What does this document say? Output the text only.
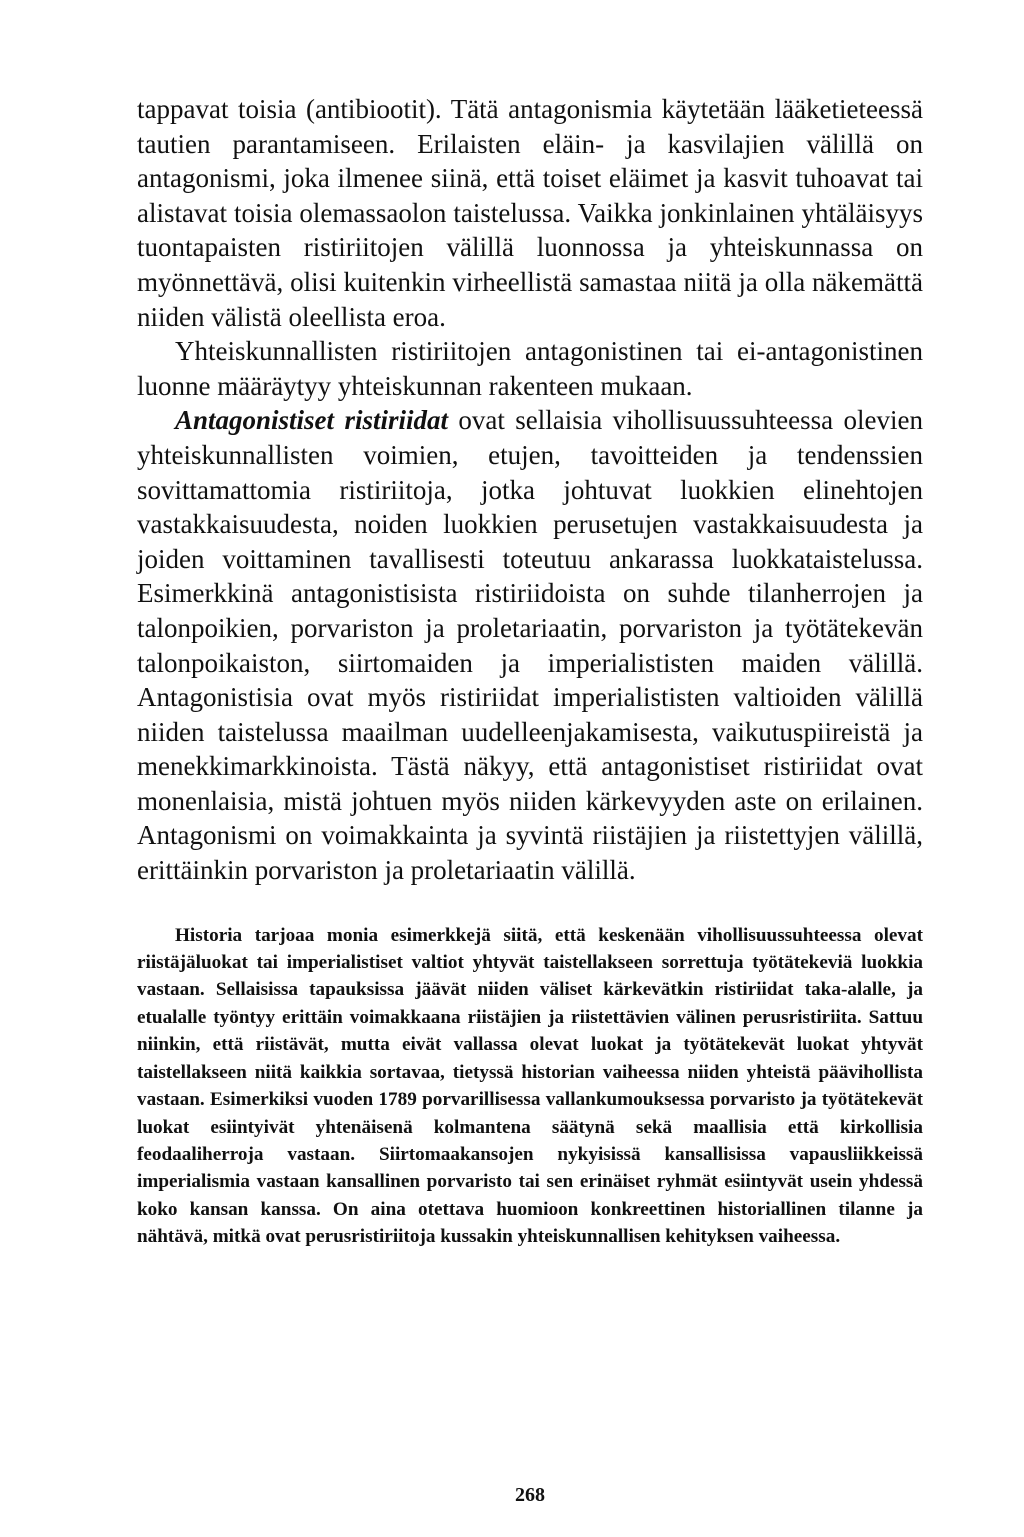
tappavat toisia (antibiootit). Tätä antagonismia käytetään lääketieteessä tautien parantamiseen. Erilaisten eläin- ja kasvilajien välillä on antagonismi, joka ilmenee siinä, että toiset eläimet ja kasvit tuhoavat tai alistavat toisia olemassaolon taistelussa. Vaikka jonkinlainen yhtäläisyys tuontapaisten ristiriitojen välillä luonnossa ja yhteiskunnassa on myönnettävä, olisi kuitenkin virheellistä samastaa niitä ja olla näkemättä niiden välistä oleellista eroa.

Yhteiskunnallisten ristiriitojen antagonistinen tai ei-antagonistinen luonne määräytyy yhteiskunnan rakenteen mukaan.

Antagonistiset ristiriidat ovat sellaisia vihollisuussuhteessa olevien yhteiskunnallisten voimien, etujen, tavoitteiden ja tendenssien sovittamattomia ristiriitoja, jotka johtuvat luokkien elinehtojen vastakkaisuudesta, noiden luokkien perusetujen vastakkaisuudesta ja joiden voittaminen tavallisesti toteutuu ankarassa luokkataistelussa. Esimerkkinä antagonistisista ristiriidoista on suhde tilanherrojen ja talonpoikien, porvariston ja proletariaatin, porvariston ja työtätekevän talonpoikaiston, siirtomaiden ja imperialististen maiden välillä. Antagonistisia ovat myös ristiriidat imperialististen valtioiden välillä niiden taistelussa maailman uudelleenjakamisesta, vaikutuspiireistä ja menekkimarkkinoista. Tästä näkyy, että antagonistiset ristiriidat ovat monenlaisia, mistä johtuen myös niiden kärkevyyden aste on erilainen. Antagonismi on voimakkainta ja syvintä riistäjien ja riistettyjen välillä, erittäinkin porvariston ja proletariaatin välillä.

Historia tarjoaa monia esimerkkejä siitä, että keskenään vihollisuussuhteessa olevat riistäjäluokat tai imperialistiset valtiot yhtyvät taistellakseen sorrettuja työtätekeviä luokkia vastaan. Sellaisissa tapauksissa jäävät niiden väliset kärkevätkin ristiriidat taka-alalle, ja etualalle työntyy erittäin voimakkaana riistäjien ja riistettävien välinen perusristiriita. Sattuu niinkin, että riistävät, mutta eivät vallassa olevat luokat ja työtätekevät luokat yhtyvät taistellakseen niitä kaikkia sortavaa, tietyssä historian vaiheessa niiden yhteistä päävihollista vastaan. Esimerkiksi vuoden 1789 porvarillisessa vallankumouksessa porvaristo ja työtätekevät luokat esiintyivät yhtenäisenä kolmantena säätynä sekä maallisia että kirkollisia feodaaliherroja vastaan. Siirtomaakansojen nykyisissä kansallisissa vapausliikkeissä imperialismia vastaan kansallinen porvaristo tai sen erinäiset ryhmät esiintyvät usein yhdessä koko kansan kanssa. On aina otettava huomioon konkreettinen historiallinen tilanne ja nähtävä, mitkä ovat perusristiriitoja kussakin yhteiskunnallisen kehityksen vaiheessa.
268
